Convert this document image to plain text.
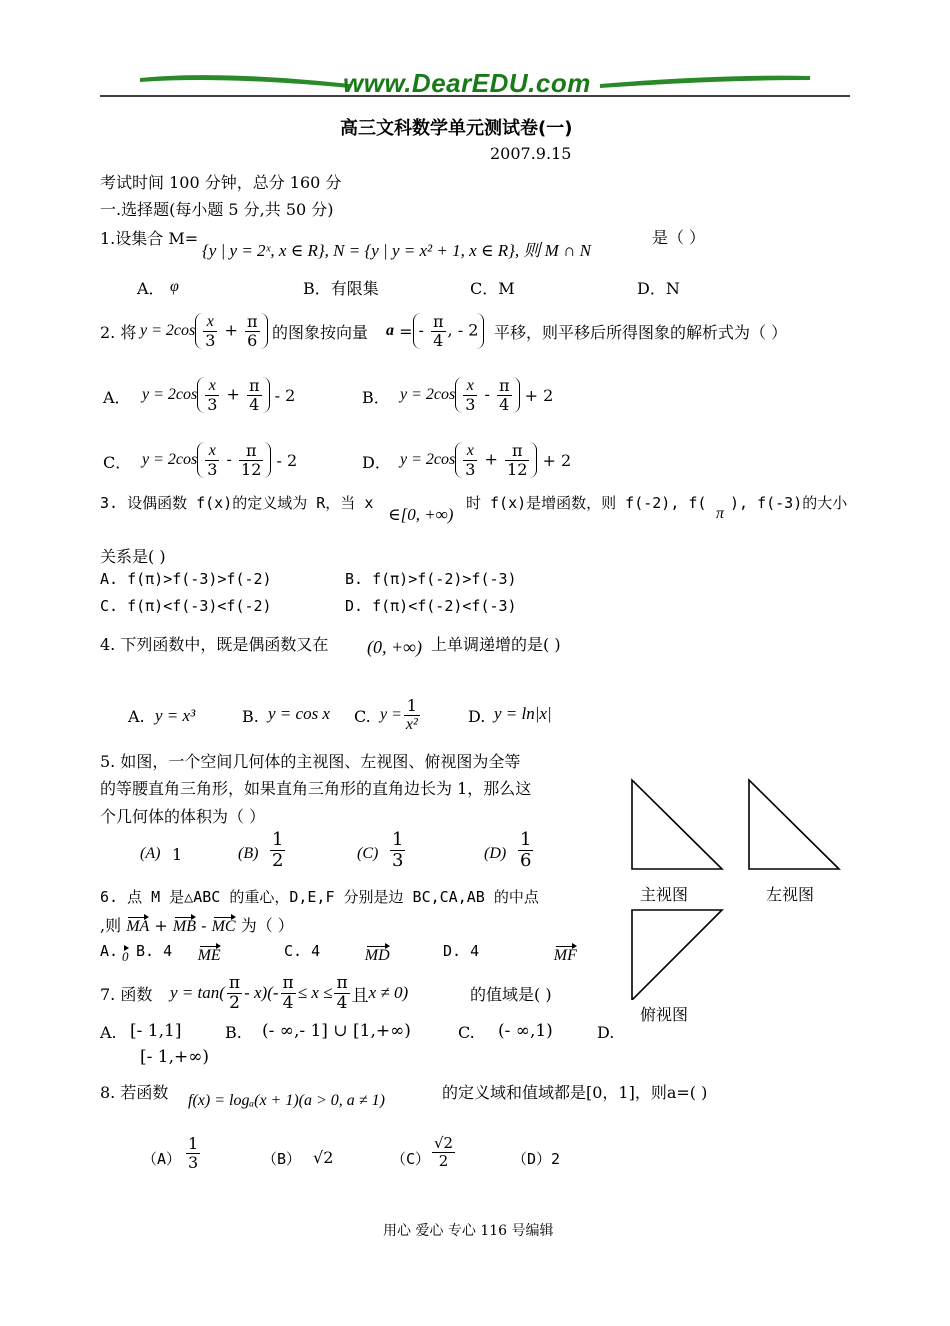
www.DearEDU.com
高三文科数学单元测试卷(一)
2007.9.15
考试时间 100 分钟，总分 160 分
一.选择题(每小题 5 分,共 50 分)
1.设集合 M=
{y | y = 2ˣ, x ∈ R}, N = {y | y = x² + 1, x ∈ R}, 则 M ∩ N
是（ ）
A． φ	B．有限集	C．M	D．N
2. 将 $y = 2\cos \frac{x}{3} + \frac{\pi}{6}$ 的图象按向量 a
= - $\frac{\pi}{4}$ , - 2 平移，则平移后所得图象的解析式为（ ）
A． $y = 2\cos \frac{x}{3} + \frac{\pi}{4}$
- 2	B． $y = 2\cos \frac{x}{3} - \frac{\pi}{4}$
+ 2
C． $y = 2\cos \frac{x}{3} - \frac{\pi}{12}$
- 2	D． $y = 2\cos \frac{x}{3} + \frac{\pi}{12}$
+ 2
3. 设偶函数 f(x)的定义域为 R，当 x
∈[0, +∞)
时 f(x)是增函数，则 f(-2), f(
π
), f(-3)的大小
关系是( )
A. f(π)>f(-3)>f(-2)	B. f(π)>f(-2)>f(-3)
C. f(π)<f(-3)<f(-2)	D. f(π)<f(-2)<f(-3)
4. 下列函数中，既是偶函数又在 (0, +∞) 上单调递增的是( )
A. y = x³	B. y = cos x C. $y = \frac{1}{\text{x²}}$	D. y = ln|x|
5. 如图，一个空间几何体的主视图、左视图、俯视图为全等
的等腰直角三角形，如果直角三角形的直角边长为 1，那么这
个几何体的体积为（ ）
(A) 1	$(B) \frac{1}{2}$	$(C) \frac{1}{3}$	$(D) \frac{1}{6}$
主视图	左视图
俯视图
6. 点 M 是△ABC 的重心，D,E,F 分别是边 BC,CA,AB 的中点
,则
MA
+
MB
-
MC
为（ ）
A. 0 B. 4 ME	C. 4	MD	D. 4	MF
7. 函数 $y = \tan( \frac{\pi}{2} - x)(- \frac{\pi}{4} \le x \le \frac{\pi}{4}$ 且 x ≠ 0)	的值域是( )
A. [- 1,1]	B. (- ∞,- 1] ∪ [1,+∞)	C. (- ∞,1)	D.
[- 1,+∞)
8. 若函数 f(x) = logₐ(x + 1)(a > 0, a ≠ 1)	的定义域和值域都是[0，1]，则a=( )
$(A) \frac{1}{3}$	（B） √2	$(C) \frac{√2}{2}$	（D）2
用心 爱心 专心 116 号编辑
